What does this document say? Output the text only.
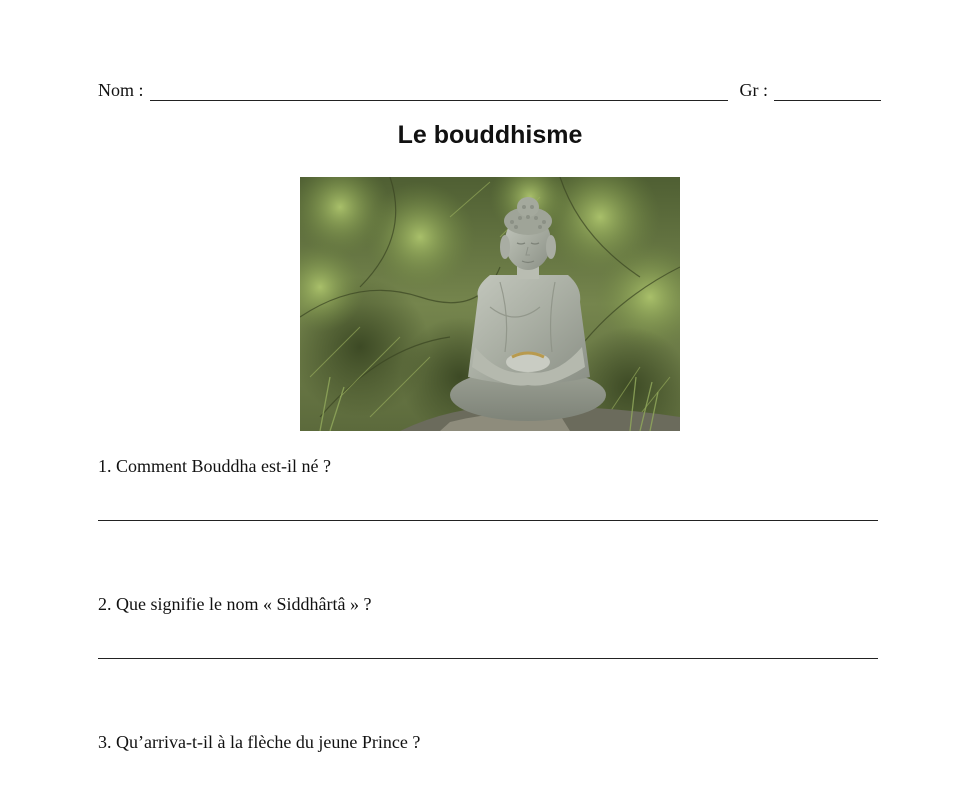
Nom :	Gr :
Le bouddhisme
1. Comment Bouddha est-il né ?
2. Que signifie le nom « Siddhârtâ » ?
3. Qu’arriva-t-il à la flèche du jeune Prince ?
